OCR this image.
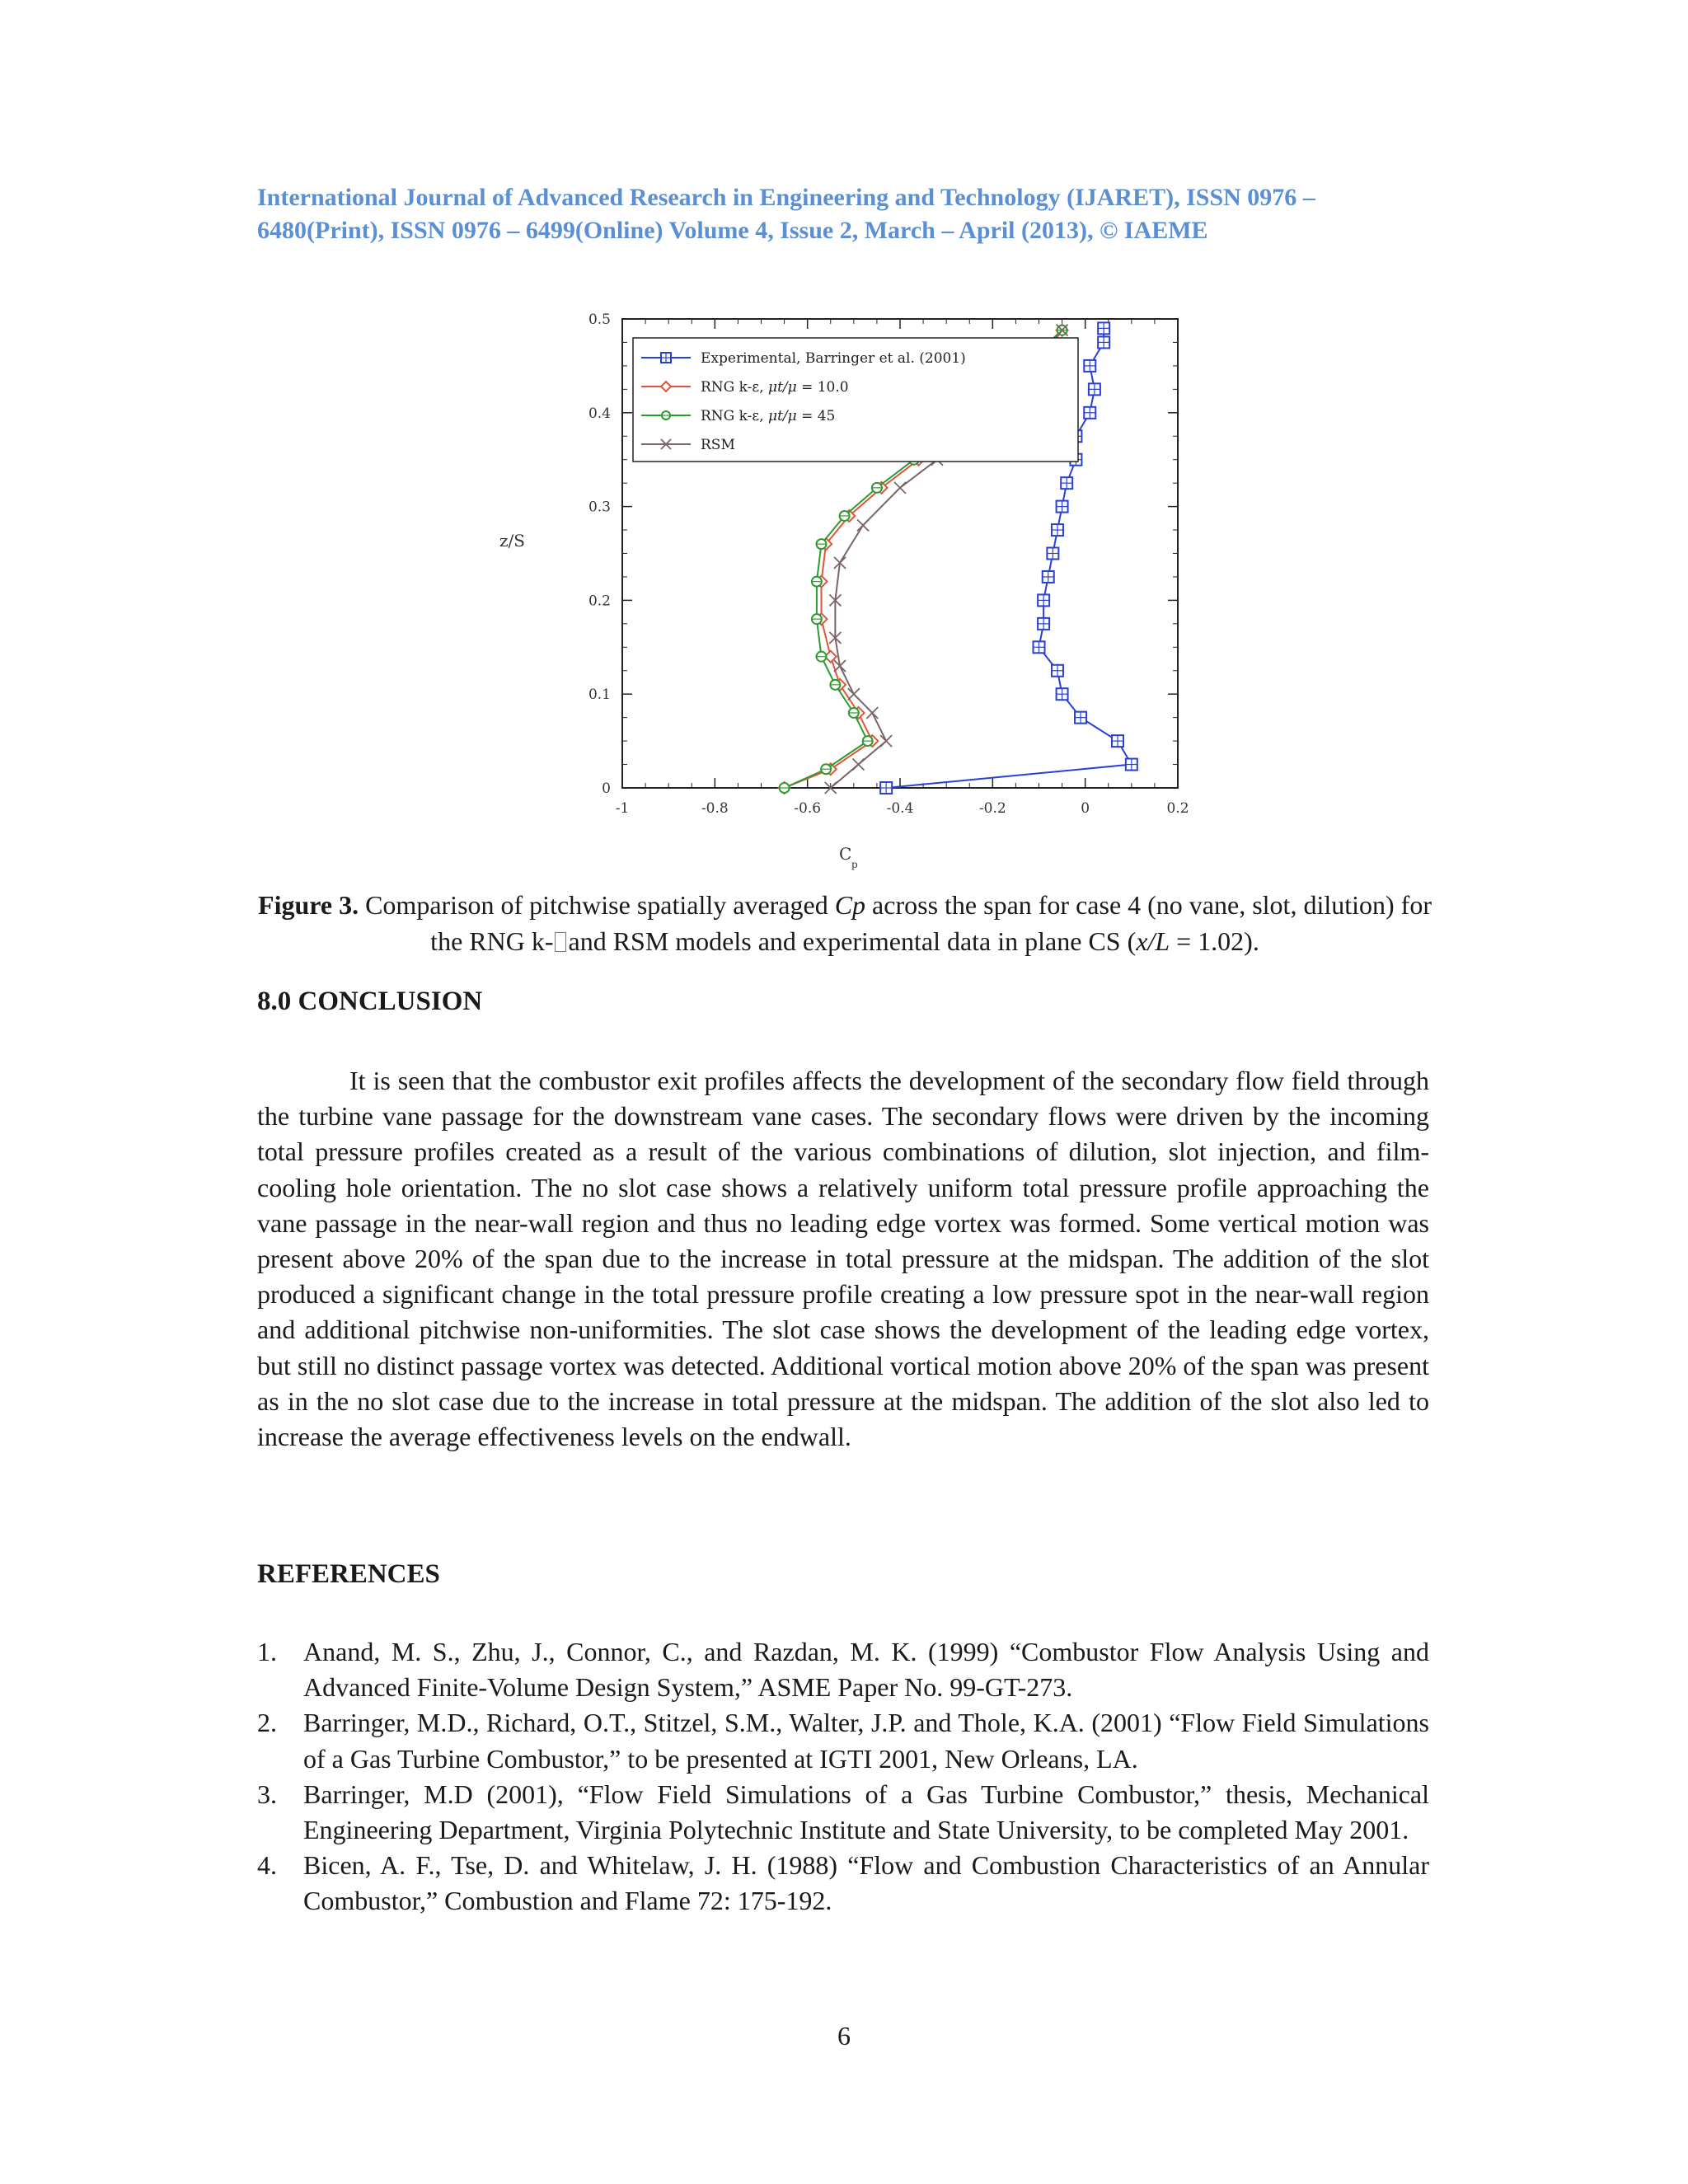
International Journal of Advanced Research in Engineering and Technology (IJARET), ISSN 0976 –
6480(Print), ISSN 0976 – 6499(Online) Volume 4, Issue 2, March – April (2013), © IAEME
-1	-0.8	-0.6	-0.4	-0.2	0	0.2
0
0.1
0.2
0.3
0.4
0.5
Experimental, Barringer et al. (2001)
RNG k-ε, μt/μ = 10.0
RNG k-ε, μt/μ = 45
RSM
z/S
C
p
Figure 3. Comparison of pitchwise spatially averaged Cp across the span for case 4 (no vane, slot, dilution) for the RNG k- and RSM models and experimental data in plane CS (x/L = 1.02).
8.0 CONCLUSION

It is seen that the combustor exit profiles affects the development of the secondary flow field through the turbine vane passage for the downstream vane cases. The secondary flows were driven by the incoming total pressure profiles created as a result of the various combinations of dilution, slot injection, and film-cooling hole orientation. The no slot case shows a relatively uniform total pressure profile approaching the vane passage in the near-wall region and thus no leading edge vortex was formed. Some vertical motion was present above 20% of the span due to the increase in total pressure at the midspan. The addition of the slot produced a significant change in the total pressure profile creating a low pressure spot in the near-wall region and additional pitchwise non-uniformities. The slot case shows the development of the leading edge vortex, but still no distinct passage vortex was detected. Additional vortical motion above 20% of the span was present as in the no slot case due to the increase in total pressure at the midspan. The addition of the slot also led to increase the average effectiveness levels on the endwall.

REFERENCES
1. Anand, M. S., Zhu, J., Connor, C., and Razdan, M. K. (1999) “Combustor Flow Analysis Using and Advanced Finite-Volume Design System,” ASME Paper No. 99-GT-273.
2. Barringer, M.D., Richard, O.T., Stitzel, S.M., Walter, J.P. and Thole, K.A. (2001) “Flow Field Simulations of a Gas Turbine Combustor,” to be presented at IGTI 2001, New Orleans, LA.
3. Barringer, M.D (2001), “Flow Field Simulations of a Gas Turbine Combustor,” thesis, Mechanical Engineering Department, Virginia Polytechnic Institute and State University, to be completed May 2001.
4. Bicen, A. F., Tse, D. and Whitelaw, J. H. (1988) “Flow and Combustion Characteristics of an Annular Combustor,” Combustion and Flame 72: 175-192.
6
